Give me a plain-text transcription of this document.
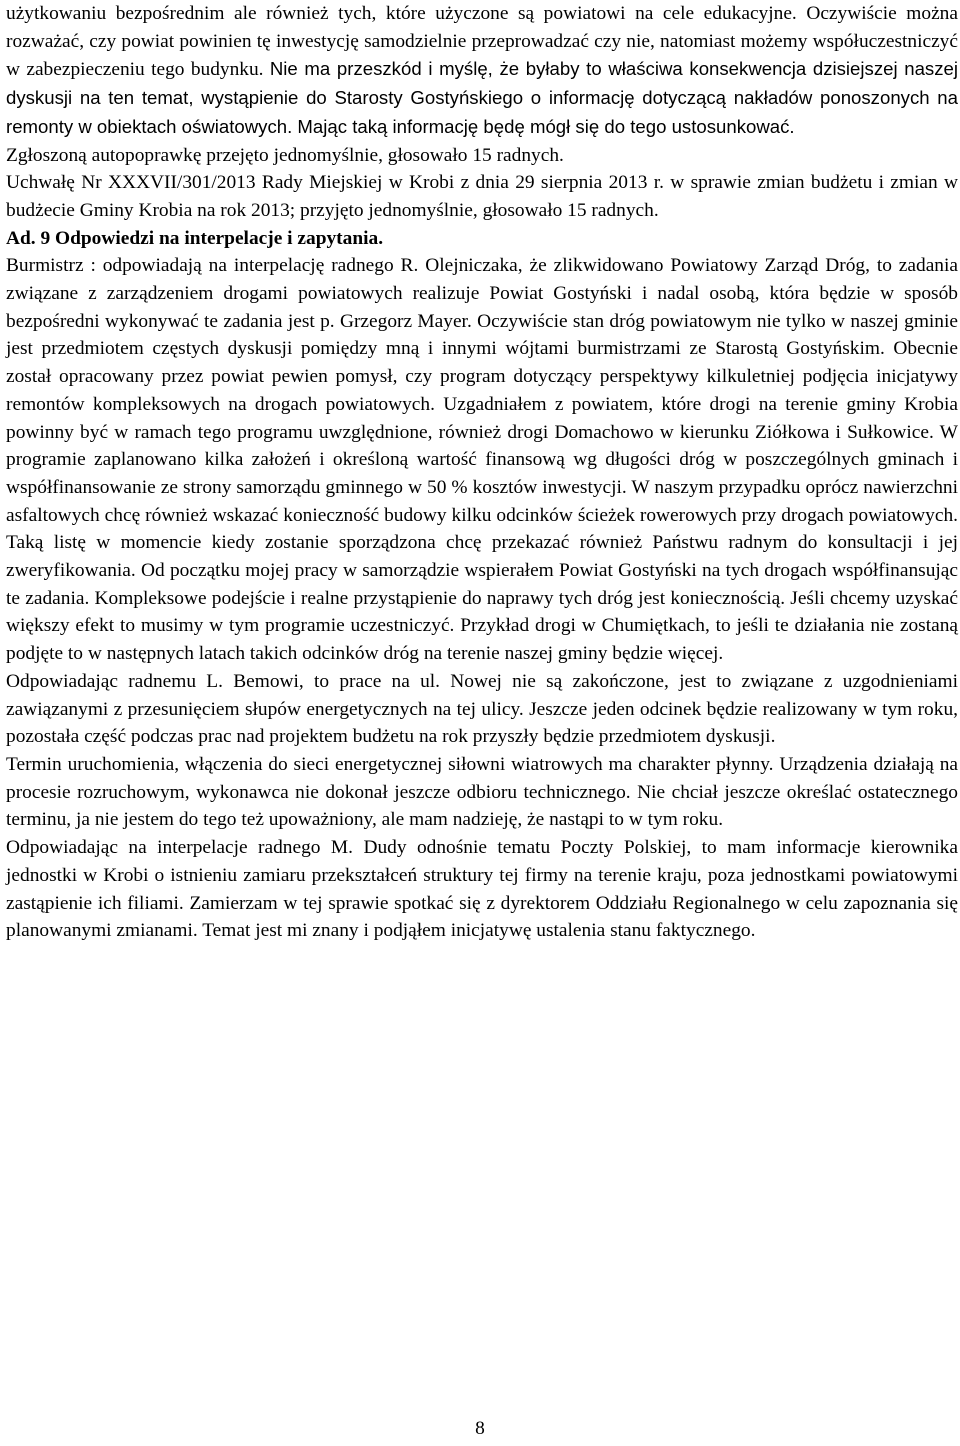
użytkowaniu bezpośrednim ale również tych, które użyczone są powiatowi na cele edukacyjne. Oczywiście można rozważać, czy powiat powinien tę inwestycję samodzielnie przeprowadzać czy nie, natomiast możemy współuczestniczyć w zabezpieczeniu tego budynku. Nie ma przeszkód i myślę, że byłaby to właściwa konsekwencja dzisiejszej naszej dyskusji na ten temat, wystąpienie do Starosty Gostyńskiego o informację dotyczącą nakładów ponoszonych na remonty w obiektach oświatowych. Mając taką informację będę mógł się do tego ustosunkować.

Zgłoszoną autopoprawkę przejęto jednomyślnie, głosowało 15 radnych.

Uchwałę Nr XXXVII/301/2013 Rady Miejskiej w Krobi z dnia 29 sierpnia 2013 r. w sprawie zmian budżetu i zmian w budżecie Gminy Krobia na rok 2013; przyjęto jednomyślnie, głosowało 15 radnych.

Ad. 9 Odpowiedzi na interpelacje i zapytania.

Burmistrz : odpowiadają na interpelację radnego R. Olejniczaka, że zlikwidowano Powiatowy Zarząd Dróg, to zadania związane z zarządzeniem drogami powiatowych realizuje Powiat Gostyński i nadal osobą, która będzie w sposób bezpośredni wykonywać te zadania jest p. Grzegorz Mayer. Oczywiście stan dróg powiatowym nie tylko w naszej gminie jest przedmiotem częstych dyskusji pomiędzy mną i innymi wójtami burmistrzami ze Starostą Gostyńskim. Obecnie został opracowany przez powiat pewien pomysł, czy program dotyczący perspektywy kilkuletniej podjęcia inicjatywy remontów kompleksowych na drogach powiatowych. Uzgadniałem z powiatem, które drogi na terenie gminy Krobia powinny być w ramach tego programu uwzględnione, również drogi Domachowo w kierunku Ziółkowa i Sułkowice. W programie zaplanowano kilka założeń i określoną wartość finansową wg długości dróg w poszczególnych gminach i współfinansowanie ze strony samorządu gminnego w 50 % kosztów inwestycji. W naszym przypadku oprócz nawierzchni asfaltowych chcę również wskazać konieczność budowy kilku odcinków ścieżek rowerowych przy drogach powiatowych. Taką listę w momencie kiedy zostanie sporządzona chcę przekazać również Państwu radnym do konsultacji i jej zweryfikowania. Od początku mojej pracy w samorządzie wspierałem Powiat Gostyński na tych drogach współfinansując te zadania. Kompleksowe podejście i realne przystąpienie do naprawy tych dróg jest koniecznością. Jeśli chcemy uzyskać większy efekt to musimy w tym programie uczestniczyć. Przykład drogi w Chumiętkach, to jeśli te działania nie zostaną podjęte to w następnych latach takich odcinków dróg na terenie naszej gminy będzie więcej.

Odpowiadając radnemu L. Bemowi, to prace na ul. Nowej nie są zakończone, jest to związane z uzgodnieniami zawiązanymi z przesunięciem słupów energetycznych na tej ulicy. Jeszcze jeden odcinek będzie realizowany w tym roku, pozostała część podczas prac nad projektem budżetu na rok przyszły będzie przedmiotem dyskusji.

Termin uruchomienia, włączenia do sieci energetycznej siłowni wiatrowych ma charakter płynny. Urządzenia działają na procesie rozruchowym, wykonawca nie dokonał jeszcze odbioru technicznego. Nie chciał jeszcze określać ostatecznego terminu, ja nie jestem do tego też upoważniony, ale mam nadzieję, że nastąpi to w tym roku.

Odpowiadając na interpelacje radnego M. Dudy odnośnie tematu Poczty Polskiej, to mam informacje kierownika jednostki w Krobi o istnieniu zamiaru przekształceń struktury tej firmy na terenie kraju, poza jednostkami powiatowymi zastąpienie ich filiami. Zamierzam w tej sprawie spotkać się z dyrektorem Oddziału Regionalnego w celu zapoznania się planowanymi zmianami. Temat jest mi znany i podjąłem inicjatywę ustalenia stanu faktycznego.

8
